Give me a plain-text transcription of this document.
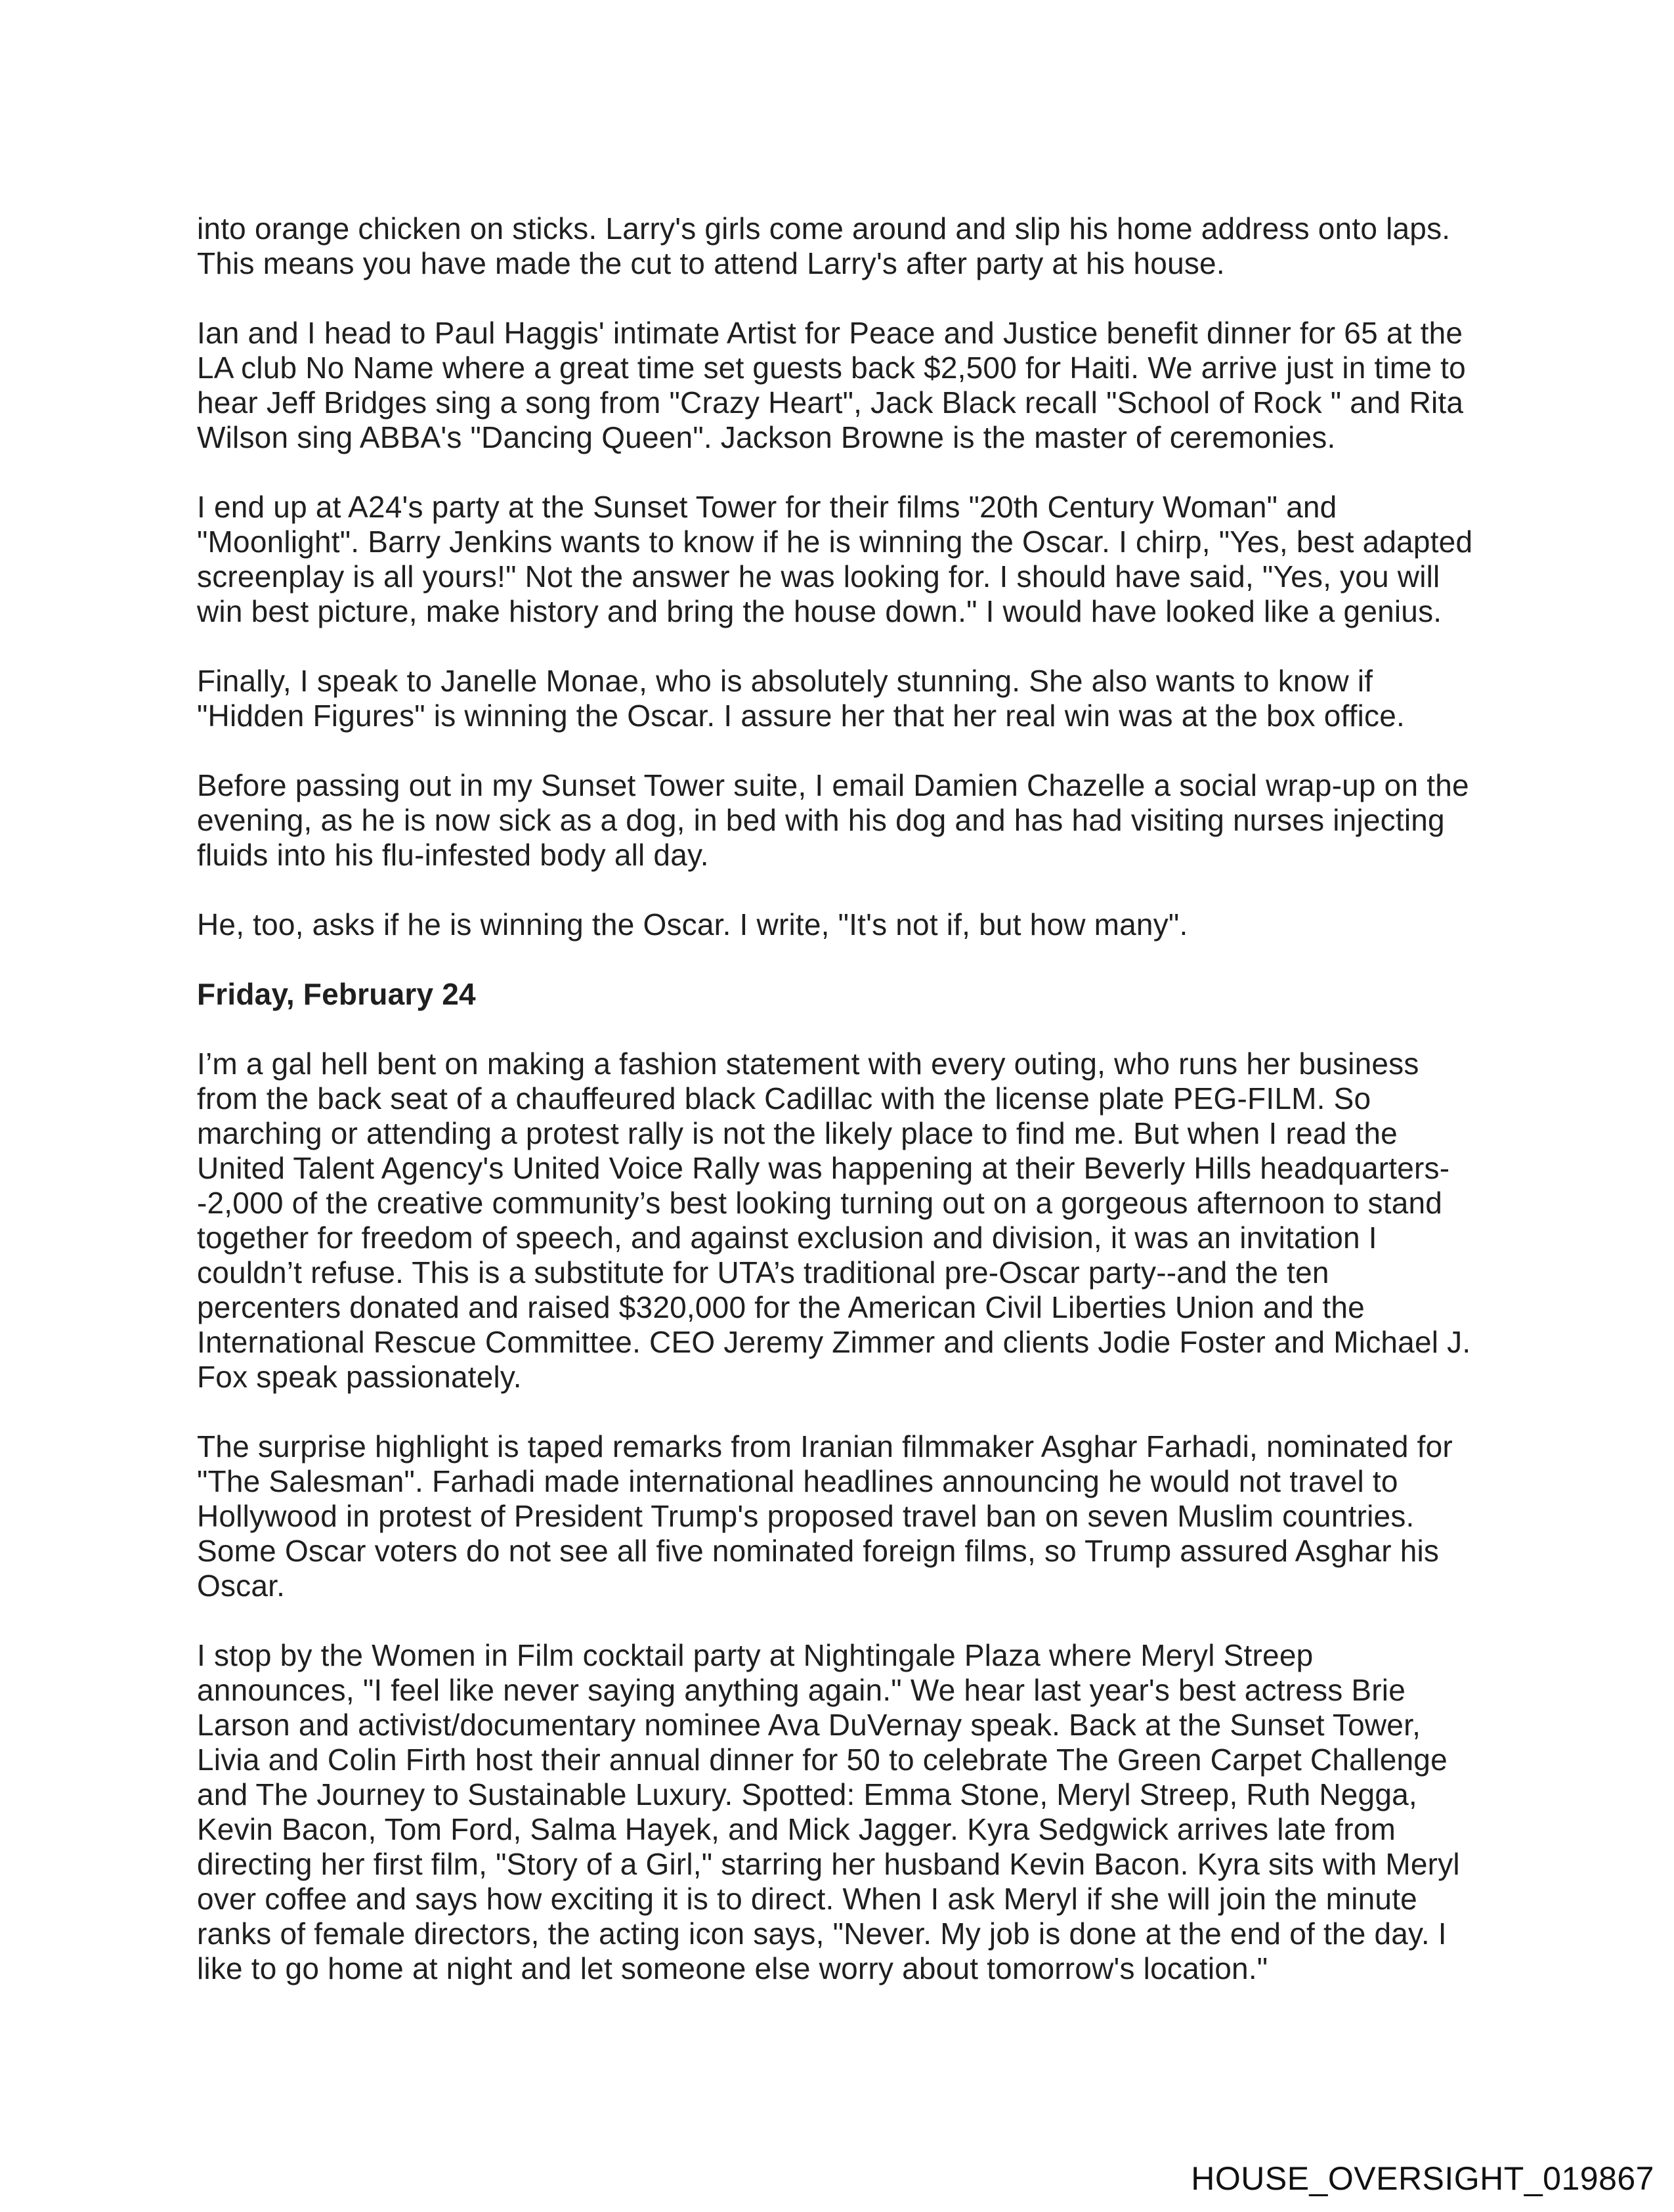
into orange chicken on sticks. Larry's girls come around and slip his home address onto laps. This means you have made the cut to attend Larry's after party at his house.

Ian and I head to Paul Haggis' intimate Artist for Peace and Justice benefit dinner for 65 at the LA club No Name where a great time set guests back $2,500 for Haiti. We arrive just in time to hear Jeff Bridges sing a song from "Crazy Heart", Jack Black recall "School of Rock " and Rita Wilson sing ABBA's "Dancing Queen". Jackson Browne is the master of ceremonies.

I end up at A24's party at the Sunset Tower for their films "20th Century Woman" and "Moonlight". Barry Jenkins wants to know if he is winning the Oscar. I chirp, "Yes, best adapted screenplay is all yours!" Not the answer he was looking for. I should have said, "Yes, you will win best picture, make history and bring the house down." I would have looked like a genius.

Finally, I speak to Janelle Monae, who is absolutely stunning. She also wants to know if "Hidden Figures" is winning the Oscar. I assure her that her real win was at the box office.

Before passing out in my Sunset Tower suite, I email Damien Chazelle a social wrap-up on the evening, as he is now sick as a dog, in bed with his dog and has had visiting nurses injecting fluids into his flu-infested body all day.

He, too, asks if he is winning the Oscar. I write, "It's not if, but how many".

Friday, February 24

I’m a gal hell bent on making a fashion statement with every outing, who runs her business from the back seat of a chauffeured black Cadillac with the license plate PEG-FILM. So marching or attending a protest rally is not the likely place to find me. But when I read the United Talent Agency's United Voice Rally was happening at their Beverly Hills headquarters--2,000 of the creative community’s best looking turning out on a gorgeous afternoon to stand together for freedom of speech, and against exclusion and division, it was an invitation I couldn’t refuse. This is a substitute for UTA’s traditional pre-Oscar party--and the ten percenters donated and raised $320,000 for the American Civil Liberties Union and the International Rescue Committee. CEO Jeremy Zimmer and clients Jodie Foster and Michael J. Fox speak passionately.

The surprise highlight is taped remarks from Iranian filmmaker Asghar Farhadi, nominated for "The Salesman". Farhadi made international headlines announcing he would not travel to Hollywood in protest of President Trump's proposed travel ban on seven Muslim countries. Some Oscar voters do not see all five nominated foreign films, so Trump assured Asghar his Oscar.

I stop by the Women in Film cocktail party at Nightingale Plaza where Meryl Streep announces, "I feel like never saying anything again." We hear last year's best actress Brie Larson and activist/documentary nominee Ava DuVernay speak. Back at the Sunset Tower, Livia and Colin Firth host their annual dinner for 50 to celebrate The Green Carpet Challenge and The Journey to Sustainable Luxury. Spotted: Emma Stone, Meryl Streep, Ruth Negga, Kevin Bacon, Tom Ford, Salma Hayek, and Mick Jagger. Kyra Sedgwick arrives late from directing her first film, "Story of a Girl," starring her husband Kevin Bacon. Kyra sits with Meryl over coffee and says how exciting it is to direct. When I ask Meryl if she will join the minute ranks of female directors, the acting icon says, "Never. My job is done at the end of the day. I like to go home at night and let someone else worry about tomorrow's location."

HOUSE_OVERSIGHT_019867
